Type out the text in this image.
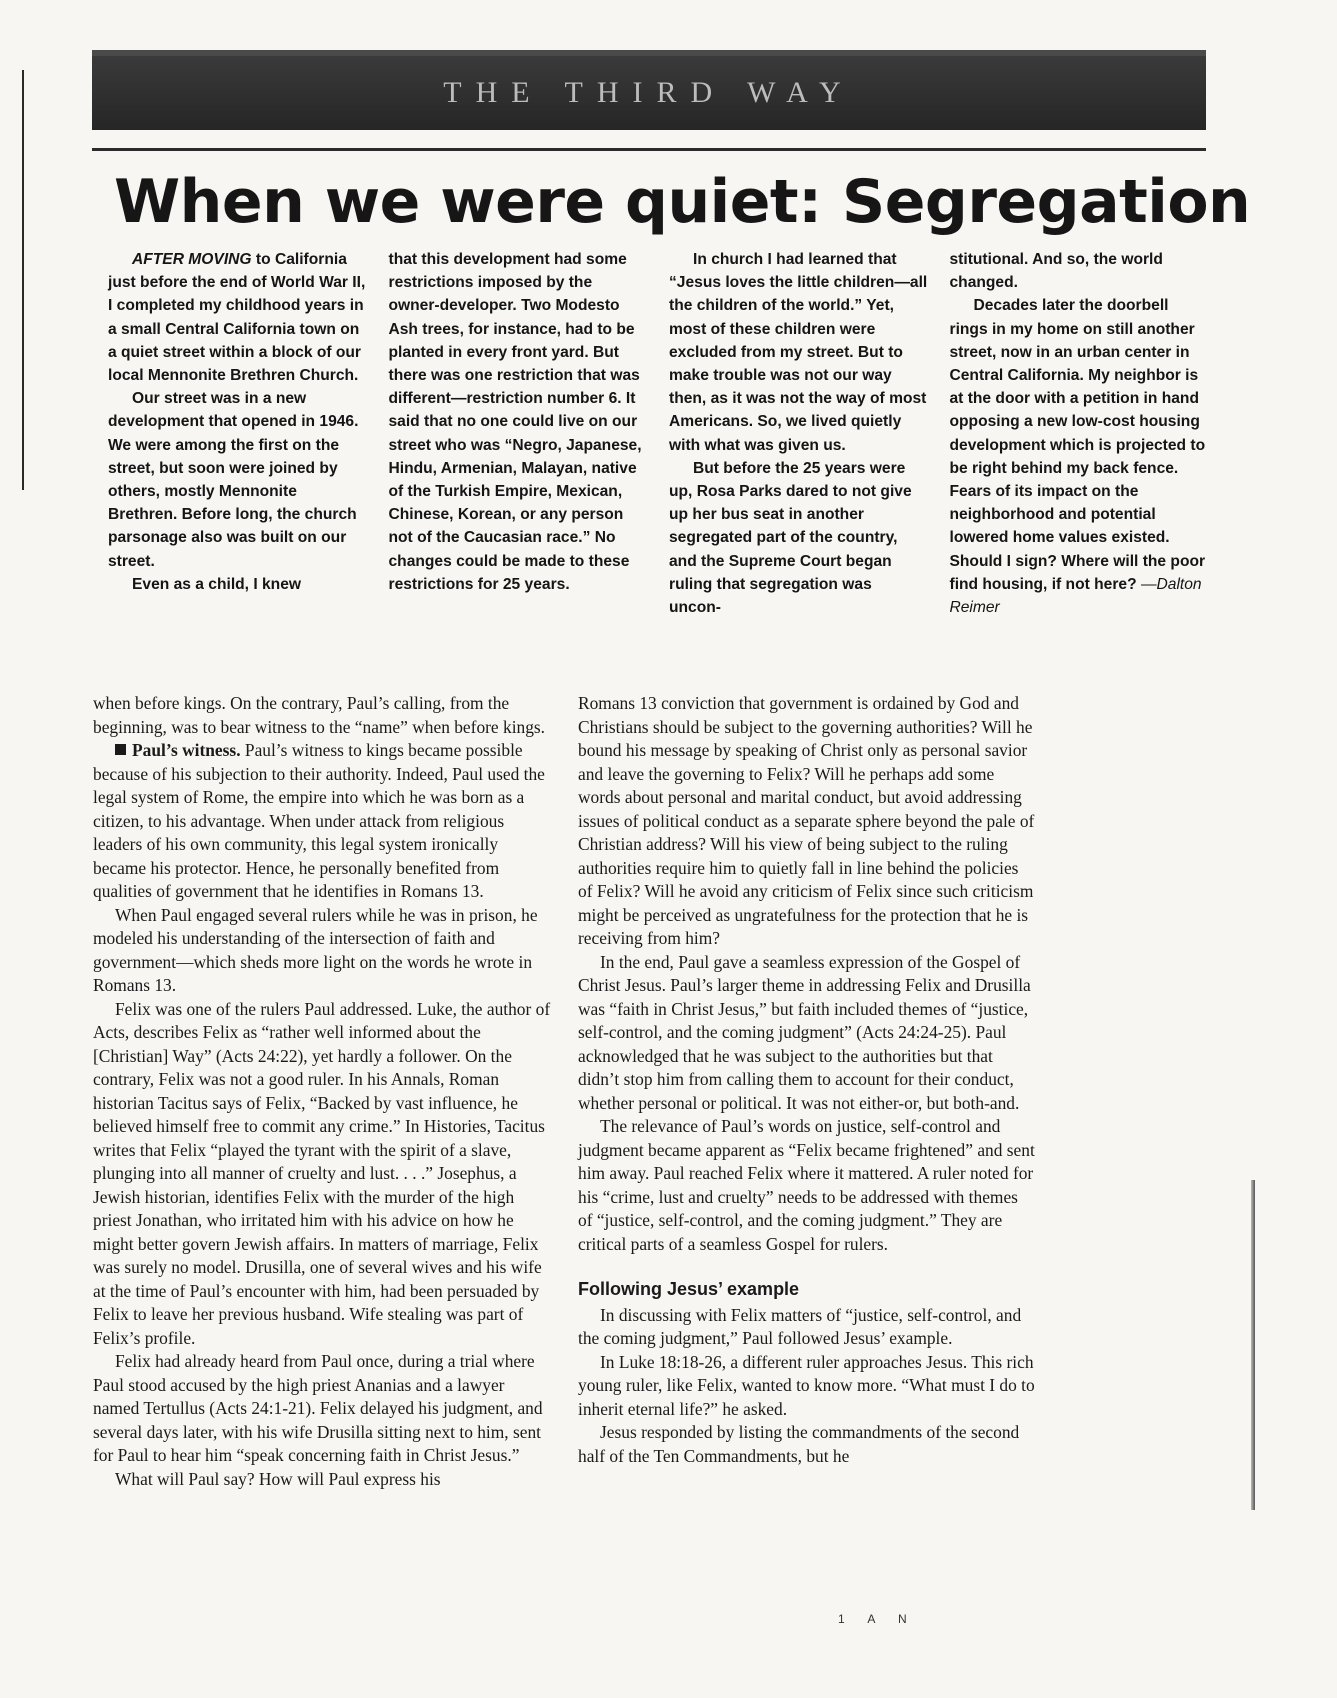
THE THIRD WAY
When we were quiet: Segregation

AFTER MOVING to California just before the end of World War II, I completed my childhood years in a small Central California town on a quiet street within a block of our local Mennonite Brethren Church.

Our street was in a new development that opened in 1946. We were among the first on the street, but soon were joined by others, mostly Mennonite Brethren. Before long, the church parsonage also was built on our street.

Even as a child, I knew

that this development had some restrictions imposed by the owner-developer. Two Modesto Ash trees, for instance, had to be planted in every front yard. But there was one restriction that was different—restriction number 6. It said that no one could live on our street who was “Negro, Japanese, Hindu, Armenian, Malayan, native of the Turkish Empire, Mexican, Chinese, Korean, or any person not of the Caucasian race.” No changes could be made to these restrictions for 25 years.

In church I had learned that “Jesus loves the little children—all the children of the world.” Yet, most of these children were excluded from my street. But to make trouble was not our way then, as it was not the way of most Americans. So, we lived quietly with what was given us.

But before the 25 years were up, Rosa Parks dared to not give up her bus seat in another segregated part of the country, and the Supreme Court began ruling that segregation was uncon-

stitutional. And so, the world changed.

Decades later the doorbell rings in my home on still another street, now in an urban center in Central California. My neighbor is at the door with a petition in hand opposing a new low-cost housing development which is projected to be right behind my back fence. Fears of its impact on the neighborhood and potential lowered home values existed. Should I sign? Where will the poor find housing, if not here? —Dalton Reimer

when before kings. On the contrary, Paul’s calling, from the beginning, was to bear witness to the “name” when before kings.

Paul’s witness. Paul’s witness to kings became possible because of his subjection to their authority. Indeed, Paul used the legal system of Rome, the empire into which he was born as a citizen, to his advantage. When under attack from religious leaders of his own community, this legal system ironically became his protector. Hence, he personally benefited from qualities of government that he identifies in Romans 13.

When Paul engaged several rulers while he was in prison, he modeled his understanding of the intersection of faith and government—which sheds more light on the words he wrote in Romans 13.

Felix was one of the rulers Paul addressed. Luke, the author of Acts, describes Felix as “rather well informed about the [Christian] Way” (Acts 24:22), yet hardly a follower. On the contrary, Felix was not a good ruler. In his Annals, Roman historian Tacitus says of Felix, “Backed by vast influence, he believed himself free to commit any crime.” In Histories, Tacitus writes that Felix “played the tyrant with the spirit of a slave, plunging into all manner of cruelty and lust. . . .” Josephus, a Jewish historian, identifies Felix with the murder of the high priest Jonathan, who irritated him with his advice on how he might better govern Jewish affairs. In matters of marriage, Felix was surely no model. Drusilla, one of several wives and his wife at the time of Paul’s encounter with him, had been persuaded by Felix to leave her previous husband. Wife stealing was part of Felix’s profile.

Felix had already heard from Paul once, during a trial where Paul stood accused by the high priest Ananias and a lawyer named Tertullus (Acts 24:1-21). Felix delayed his judgment, and several days later, with his wife Drusilla sitting next to him, sent for Paul to hear him “speak concerning faith in Christ Jesus.”

What will Paul say? How will Paul express his

Romans 13 conviction that government is ordained by God and Christians should be subject to the governing authorities? Will he bound his message by speaking of Christ only as personal savior and leave the governing to Felix? Will he perhaps add some words about personal and marital conduct, but avoid addressing issues of political conduct as a separate sphere beyond the pale of Christian address? Will his view of being subject to the ruling authorities require him to quietly fall in line behind the policies of Felix? Will he avoid any criticism of Felix since such criticism might be perceived as ungratefulness for the protection that he is receiving from him?

In the end, Paul gave a seamless expression of the Gospel of Christ Jesus. Paul’s larger theme in addressing Felix and Drusilla was “faith in Christ Jesus,” but faith included themes of “justice, self-control, and the coming judgment” (Acts 24:24-25). Paul acknowledged that he was subject to the authorities but that didn’t stop him from calling them to account for their conduct, whether personal or political. It was not either-or, but both-and.

The relevance of Paul’s words on justice, self-control and judgment became apparent as “Felix became frightened” and sent him away. Paul reached Felix where it mattered. A ruler noted for his “crime, lust and cruelty” needs to be addressed with themes of “justice, self-control, and the coming judgment.” They are critical parts of a seamless Gospel for rulers.

Following Jesus’ example

In discussing with Felix matters of “justice, self-control, and the coming judgment,” Paul followed Jesus’ example.

In Luke 18:18-26, a different ruler approaches Jesus. This rich young ruler, like Felix, wanted to know more. “What must I do to inherit eternal life?” he asked.

Jesus responded by listing the commandments of the second half of the Ten Commandments, but he

1 A N
